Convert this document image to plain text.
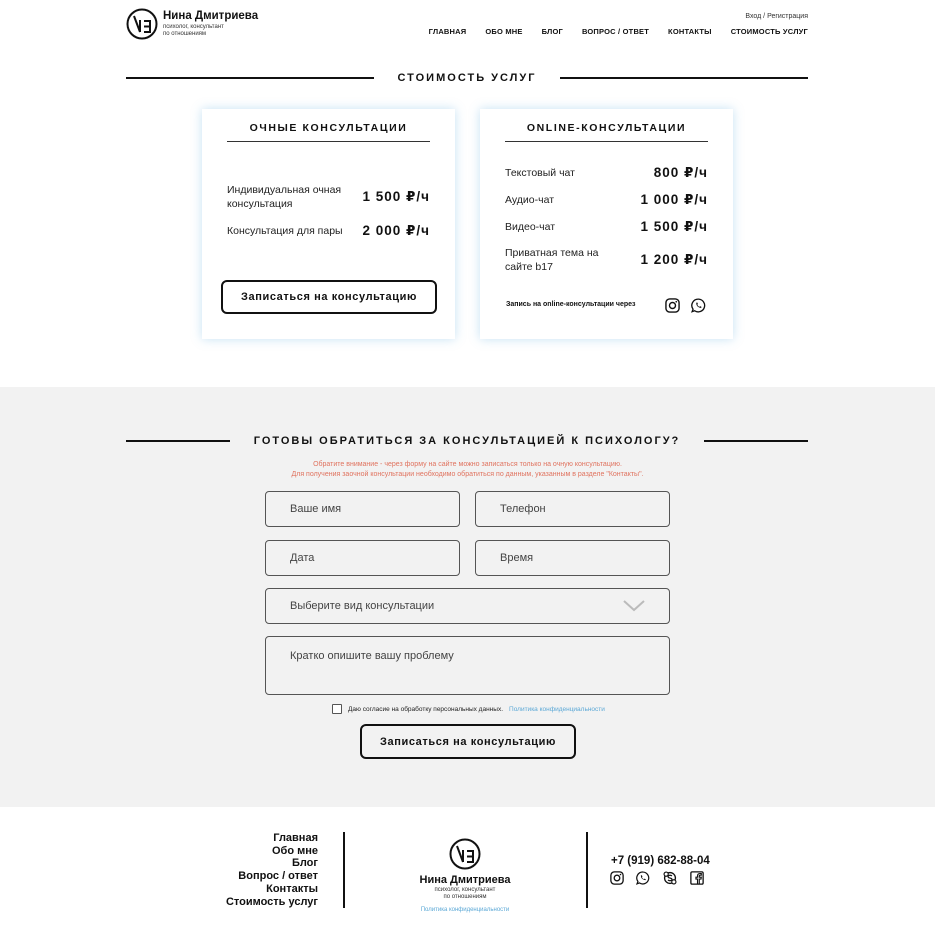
Нина Дмитриева
психолог, консультант
по отношениям
Вход / Регистрация
ГЛАВНАЯ	ОБО МНЕ	БЛОГ	ВОПРОС / ОТВЕТ	КОНТАКТЫ	СТОИМОСТЬ УСЛУГ
СТОИМОСТЬ УСЛУГ
ОЧНЫЕ КОНСУЛЬТАЦИИ
Индивидуальная очная консультация	1 500 ₽/ч
Консультация для пары 2 000 ₽/ч
Записаться на консультацию
ONLINE-КОНСУЛЬТАЦИИ
Текстовый чат	800 ₽/ч
Аудио-чат	1 000 ₽/ч
Видео-чат	1 500 ₽/ч
Приватная тема на сайте b17	1 200 ₽/ч
Запись на online-консультации через
ГОТОВЫ ОБРАТИТЬСЯ ЗА КОНСУЛЬТАЦИЕЙ К ПСИХОЛОГУ?
Обратите внимание - через форму на сайте можно записаться только на очную консультацию.
Для получения заочной консультации необходимо обратиться по данным, указанным в разделе "Контакты".
Ваше имя	Телефон
Дата	Время
Выберите вид консультации
Кратко опишите вашу проблему
Даю согласие на обработку персональных данных. Политика конфиденциальности
Записаться на консультацию
Главная
Обо мне
Блог
Вопрос / ответ
Контакты
Стоимость услуг
Нина Дмитриева
психолог, консультант
по отношениям
Политика конфиденциальности
+7 (919) 682-88-04
